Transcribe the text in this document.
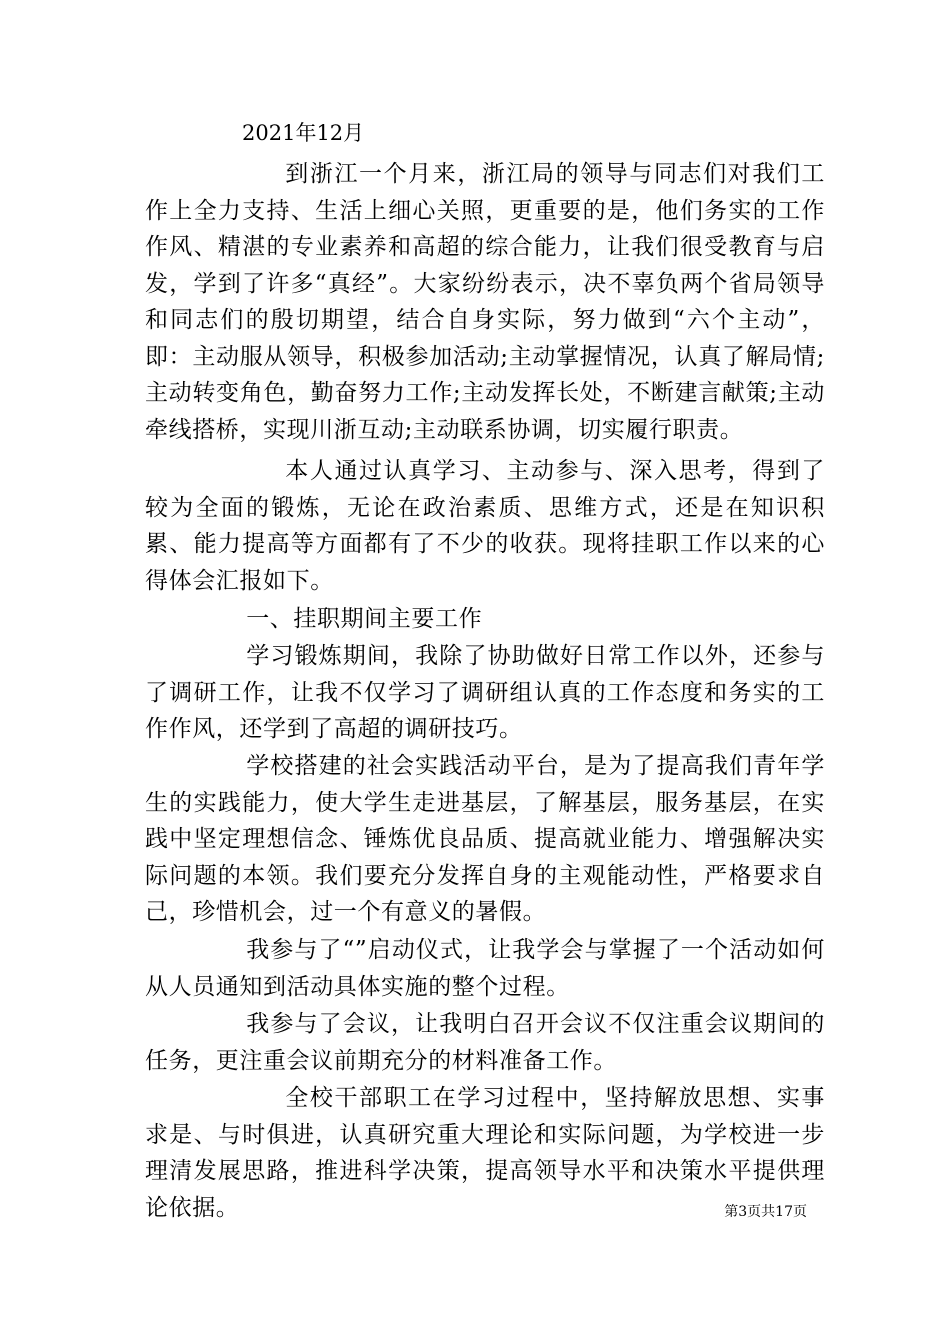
2021年12月

到浙江一个月来，浙江局的领导与同志们对我们工作上全力支持、生活上细心关照，更重要的是，他们务实的工作作风、精湛的专业素养和高超的综合能力，让我们很受教育与启发，学到了许多“真经”。大家纷纷表示，决不辜负两个省局领导和同志们的殷切期望，结合自身实际，努力做到“六个主动”，即：主动服从领导，积极参加活动;主动掌握情况，认真了解局情;主动转变角色，勤奋努力工作;主动发挥长处，不断建言献策;主动牵线搭桥，实现川浙互动;主动联系协调，切实履行职责。

本人通过认真学习、主动参与、深入思考，得到了较为全面的锻炼，无论在政治素质、思维方式，还是在知识积累、能力提高等方面都有了不少的收获。现将挂职工作以来的心得体会汇报如下。

一、挂职期间主要工作

学习锻炼期间，我除了协助做好日常工作以外，还参与了调研工作，让我不仅学习了调研组认真的工作态度和务实的工作作风，还学到了高超的调研技巧。

学校搭建的社会实践活动平台，是为了提高我们青年学生的实践能力，使大学生走进基层，了解基层，服务基层，在实践中坚定理想信念、锤炼优良品质、提高就业能力、增强解决实际问题的本领。我们要充分发挥自身的主观能动性，严格要求自己，珍惜机会，过一个有意义的暑假。

我参与了“”启动仪式，让我学会与掌握了一个活动如何从人员通知到活动具体实施的整个过程。

我参与了会议，让我明白召开会议不仅注重会议期间的任务，更注重会议前期充分的材料准备工作。

全校干部职工在学习过程中，坚持解放思想、实事求是、与时俱进，认真研究重大理论和实际问题，为学校进一步理清发展思路，推进科学决策，提高领导水平和决策水平提供理论依据。	第3页共17页
